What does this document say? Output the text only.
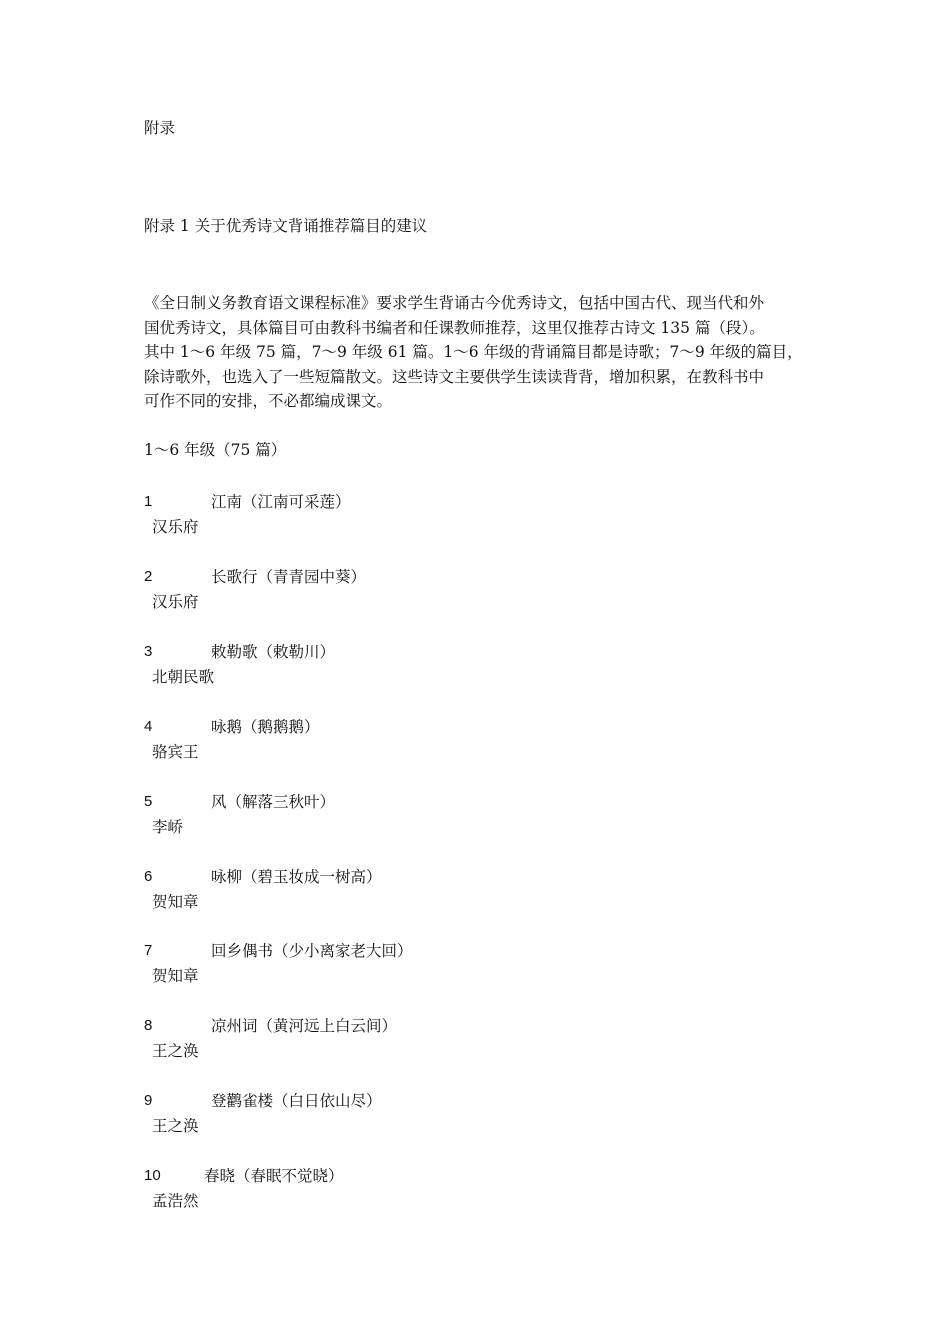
附录
附录 1 关于优秀诗文背诵推荐篇目的建议
《全日制义务教育语文课程标准》要求学生背诵古今优秀诗文，包括中国古代、现当代和外
国优秀诗文，具体篇目可由教科书编者和任课教师推荐，这里仅推荐古诗文 135 篇（段）。
其中 1～6 年级 75 篇，7～9 年级 61 篇。1～6 年级的背诵篇目都是诗歌；7～9 年级的篇目，
除诗歌外，也选入了一些短篇散文。这些诗文主要供学生读读背背，增加积累，在教科书中
可作不同的安排，不必都编成课文。
1～6 年级（75 篇）
1	江南（江南可采莲）
汉乐府
2	长歌行（青青园中葵）
汉乐府
3	敕勒歌（敕勒川）
北朝民歌
4	咏鹅（鹅鹅鹅）
骆宾王
5	风（解落三秋叶）
李峤
6	咏柳（碧玉妆成一树高）
贺知章
7	回乡偶书（少小离家老大回）
贺知章
8	凉州词（黄河远上白云间）
王之涣
9	登鹳雀楼（白日依山尽）
王之涣
10	春晓（春眠不觉晓）
孟浩然
